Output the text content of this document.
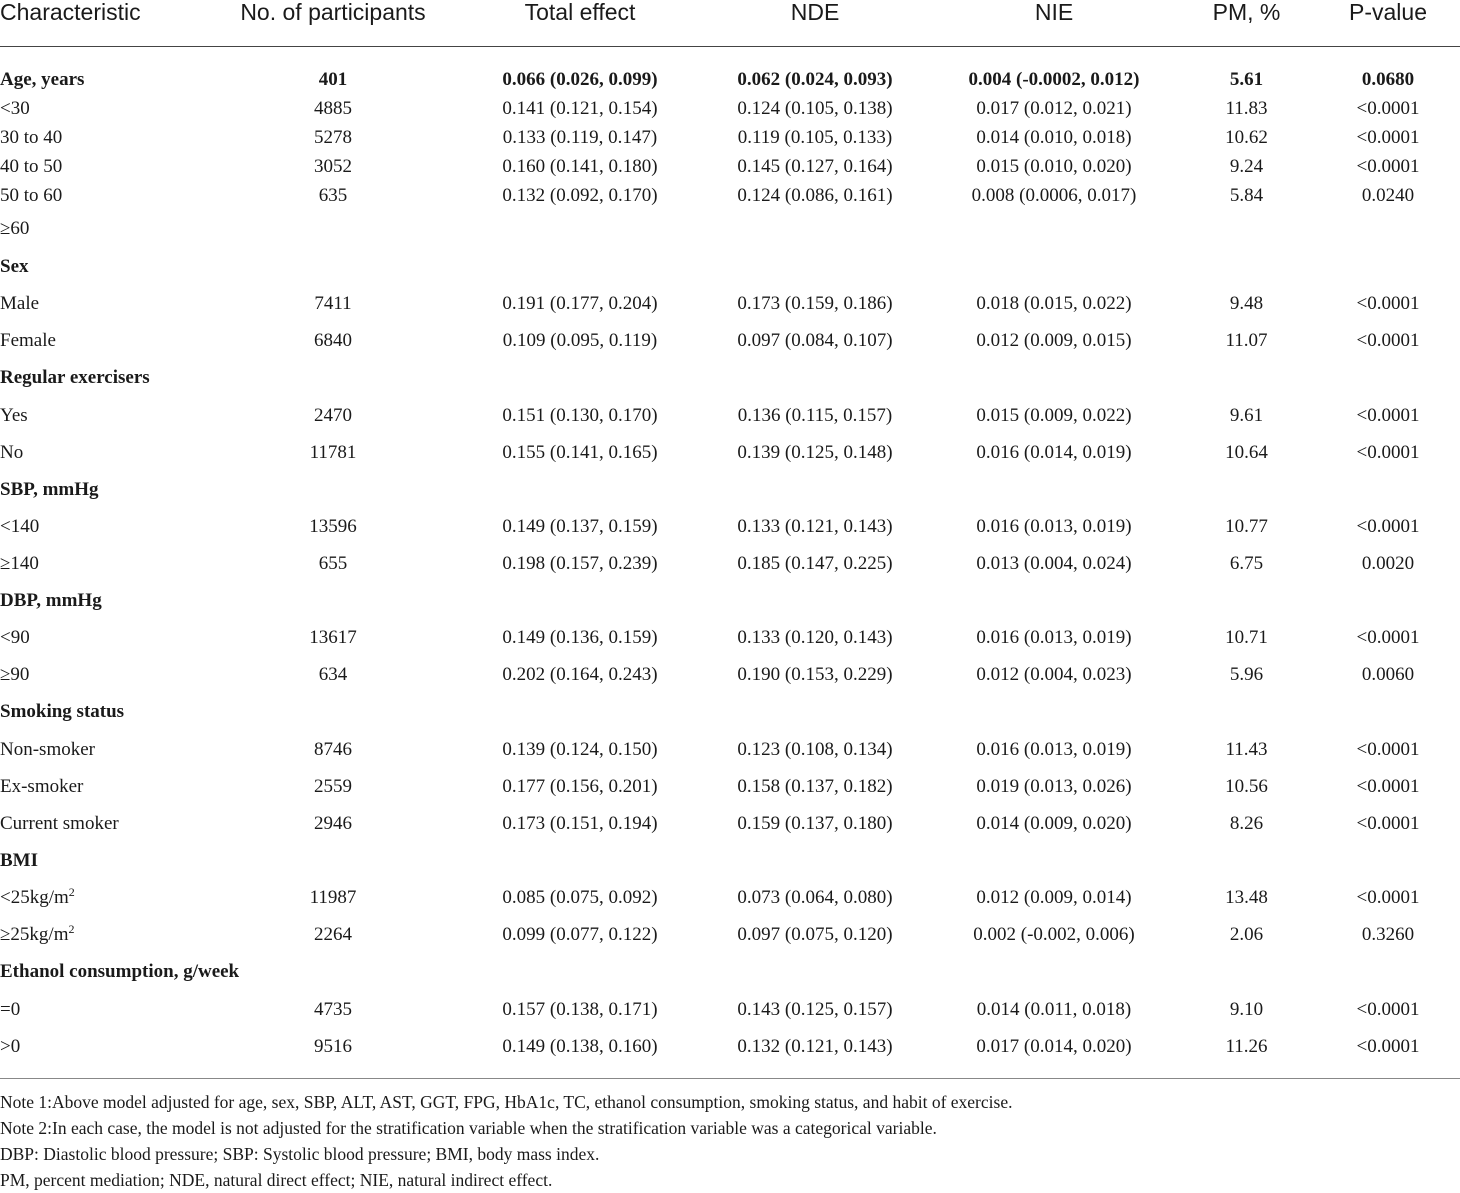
Characteristic	No. of participants	Total effect	NDE	NIE	PM, %	P-value

Age, years	401	0.066 (0.026, 0.099)	0.062 (0.024, 0.093)	0.004 (-0.0002, 0.012)	5.61	0.0680
<30	4885	0.141 (0.121, 0.154)	0.124 (0.105, 0.138)	0.017 (0.012, 0.021)	11.83	<0.0001
30 to 40	5278	0.133 (0.119, 0.147)	0.119 (0.105, 0.133)	0.014 (0.010, 0.018)	10.62	<0.0001
40 to 50	3052	0.160 (0.141, 0.180)	0.145 (0.127, 0.164)	0.015 (0.010, 0.020)	9.24	<0.0001
50 to 60	635	0.132 (0.092, 0.170)	0.124 (0.086, 0.161)	0.008 (0.0006, 0.017)	5.84	0.0240
≥60						
Sex						
Male	7411	0.191 (0.177, 0.204)	0.173 (0.159, 0.186)	0.018 (0.015, 0.022)	9.48	<0.0001
Female	6840	0.109 (0.095, 0.119)	0.097 (0.084, 0.107)	0.012 (0.009, 0.015)	11.07	<0.0001
Regular exercisers						
Yes	2470	0.151 (0.130, 0.170)	0.136 (0.115, 0.157)	0.015 (0.009, 0.022)	9.61	<0.0001
No	11781	0.155 (0.141, 0.165)	0.139 (0.125, 0.148)	0.016 (0.014, 0.019)	10.64	<0.0001
SBP, mmHg						
<140	13596	0.149 (0.137, 0.159)	0.133 (0.121, 0.143)	0.016 (0.013, 0.019)	10.77	<0.0001
≥140	655	0.198 (0.157, 0.239)	0.185 (0.147, 0.225)	0.013 (0.004, 0.024)	6.75	0.0020
DBP, mmHg						
<90	13617	0.149 (0.136, 0.159)	0.133 (0.120, 0.143)	0.016 (0.013, 0.019)	10.71	<0.0001
≥90	634	0.202 (0.164, 0.243)	0.190 (0.153, 0.229)	0.012 (0.004, 0.023)	5.96	0.0060
Smoking status						
Non-smoker	8746	0.139 (0.124, 0.150)	0.123 (0.108, 0.134)	0.016 (0.013, 0.019)	11.43	<0.0001
Ex-smoker	2559	0.177 (0.156, 0.201)	0.158 (0.137, 0.182)	0.019 (0.013, 0.026)	10.56	<0.0001
Current smoker	2946	0.173 (0.151, 0.194)	0.159 (0.137, 0.180)	0.014 (0.009, 0.020)	8.26	<0.0001
BMI						
$<25kg/m^2$	11987	0.085 (0.075, 0.092)	0.073 (0.064, 0.080)	0.012 (0.009, 0.014)	13.48	<0.0001
$\ge 25kg/m^2$	2264	0.099 (0.077, 0.122)	0.097 (0.075, 0.120)	0.002 (-0.002, 0.006)	2.06	0.3260
Ethanol consumption, g/week						
=0	4735	0.157 (0.138, 0.171)	0.143 (0.125, 0.157)	0.014 (0.011, 0.018)	9.10	<0.0001
>0	9516	0.149 (0.138, 0.160)	0.132 (0.121, 0.143)	0.017 (0.014, 0.020)	11.26	<0.0001
Note 1:Above model adjusted for age, sex, SBP, ALT, AST, GGT, FPG, HbA1c, TC, ethanol consumption, smoking status, and habit of exercise.
Note 2:In each case, the model is not adjusted for the stratification variable when the stratification variable was a categorical variable.
DBP: Diastolic blood pressure; SBP: Systolic blood pressure; BMI, body mass index.
PM, percent mediation; NDE, natural direct effect; NIE, natural indirect effect.
